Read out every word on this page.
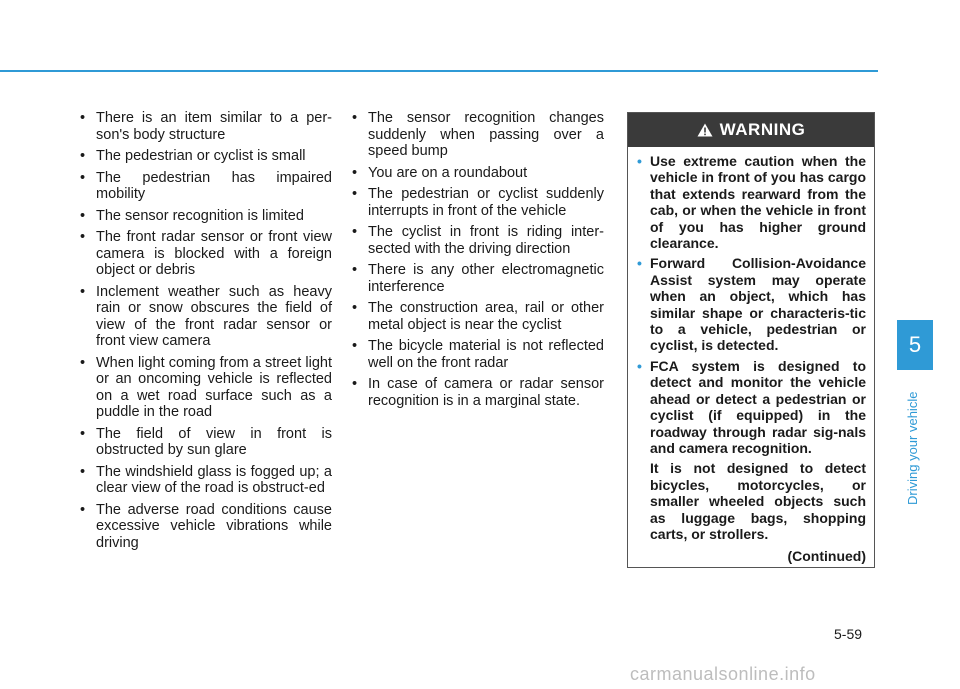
• There is an item similar to a per-son's body structure
• The pedestrian or cyclist is small
• The pedestrian has impaired mobility
• The sensor recognition is limited
• The front radar sensor or front view camera is blocked with a foreign object or debris
• Inclement weather such as heavy rain or snow obscures the field of view of the front radar sensor or front view camera
• When light coming from a street light or an oncoming vehicle is reflected on a wet road surface such as a puddle in the road
• The field of view in front is obstructed by sun glare
• The windshield glass is fogged up; a clear view of the road is obstruct-ed
• The adverse road conditions cause excessive vehicle vibrations while driving
• The sensor recognition changes suddenly when passing over a speed bump
• You are on a roundabout
• The pedestrian or cyclist suddenly interrupts in front of the vehicle
• The cyclist in front is riding inter-sected with the driving direction
• There is any other electromagnetic interference
• The construction area, rail or other metal object is near the cyclist
• The bicycle material is not reflected well on the front radar
• In case of camera or radar sensor recognition is in a marginal state.
WARNING
• Use extreme caution when the vehicle in front of you has cargo that extends rearward from the cab, or when the vehicle in front of you has higher ground clearance.
• Forward Collision-Avoidance Assist system may operate when an object, which has similar shape or characteris-tic to a vehicle, pedestrian or cyclist, is detected.
• FCA system is designed to detect and monitor the vehicle ahead or detect a pedestrian or cyclist (if equipped) in the roadway through radar sig-nals and camera recognition.

It is not designed to detect bicycles, motorcycles, or smaller wheeled objects such as luggage bags, shopping carts, or strollers.

(Continued)
5
Driving your vehicle
5-59
carmanualsonline.info
